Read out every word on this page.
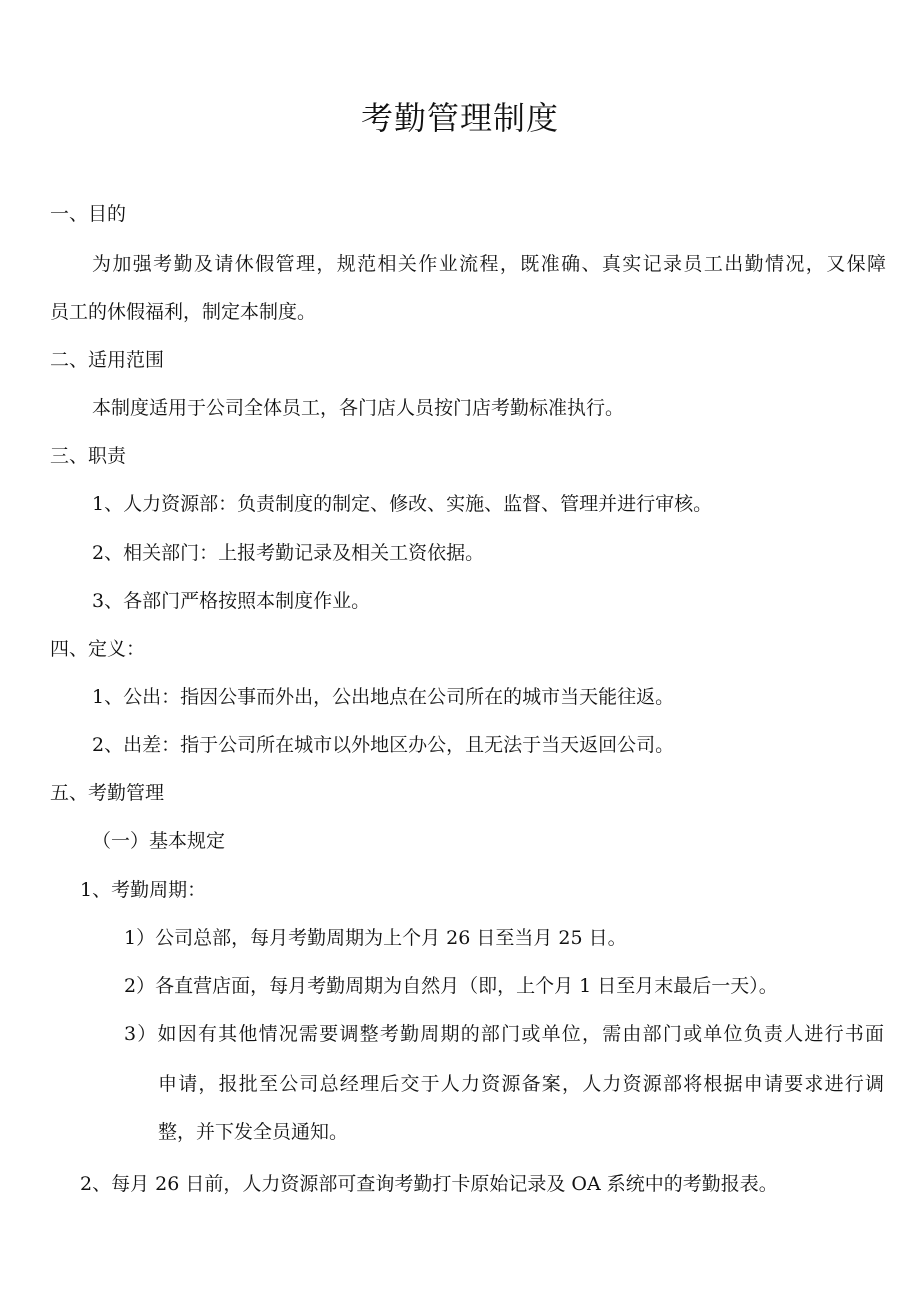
考勤管理制度
一、目的
为加强考勤及请休假管理，规范相关作业流程，既准确、真实记录员工出勤情况，又保障
员工的休假福利，制定本制度。
二、适用范围
本制度适用于公司全体员工，各门店人员按门店考勤标准执行。
三、职责
1、人力资源部：负责制度的制定、修改、实施、监督、管理并进行审核。
2、相关部门：上报考勤记录及相关工资依据。
3、各部门严格按照本制度作业。
四、定义：
1、公出：指因公事而外出，公出地点在公司所在的城市当天能往返。
2、出差：指于公司所在城市以外地区办公，且无法于当天返回公司。
五、考勤管理
（一）基本规定
1、考勤周期：
1）公司总部，每月考勤周期为上个月 26 日至当月 25 日。
2）各直营店面，每月考勤周期为自然月（即，上个月 1 日至月末最后一天）。
3）如因有其他情况需要调整考勤周期的部门或单位，需由部门或单位负责人进行书面
申请，报批至公司总经理后交于人力资源备案，人力资源部将根据申请要求进行调
整，并下发全员通知。
2、每月 26 日前，人力资源部可查询考勤打卡原始记录及 OA 系统中的考勤报表。
